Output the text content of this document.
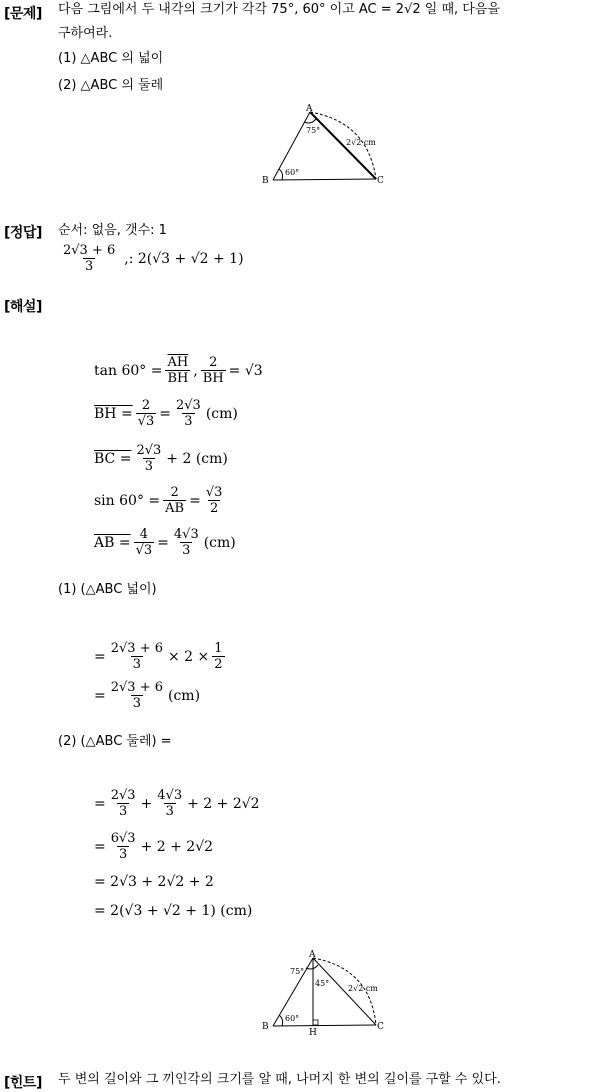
[문제] 다음 그림에서 두 내각의 크기가 각각 75°, 60° 이고 AC = 2√2 일 때, 다음을
구하여라.
(1) △ABC 의 넓이
(2) △ABC 의 둘레
A
B	C
75°
60°
2√2 cm
[정답] 순서: 없음, 갯수: 1
$\frac{2√3 + 6}{3}$ ,: 2(√3 + √2 + 1)
[해설]
$\tan 60^\circ = \frac{\overline{AH}}{BH}$ , $\frac{2}{BH} = √3$
BH = $\frac{2}{√3} = \frac{2√3}{3} (cm)$
BC = $\frac{2√3}{3} + 2$ (cm)
$\sin 60^\circ = \frac{2}{AB} = \frac{√3}{2}$
AB = $\frac{4}{√3} = \frac{4√3}{3} (cm)$
(1) (△ABC 넓이)
= $\frac{2√3 + 6}{3} \times 2 \times \frac{1}{2}$
= $\frac{2√3 + 6}{3} (cm)$
(2) (△ABC 둘레) =
= $\frac{2√3}{3} + \frac{4√3}{3} + 2 + 2√2$
= $\frac{6√3}{3} + 2 + 2√2$
= 2√3 + 2√2 + 2
= 2(√3 + √2 + 1) (cm)
A
B	C
H
75°
45°
60°
2√2 cm
[힌트] 두 변의 길이와 그 끼인각의 크기를 알 때, 나머지 한 변의 길이를 구할 수 있다.
